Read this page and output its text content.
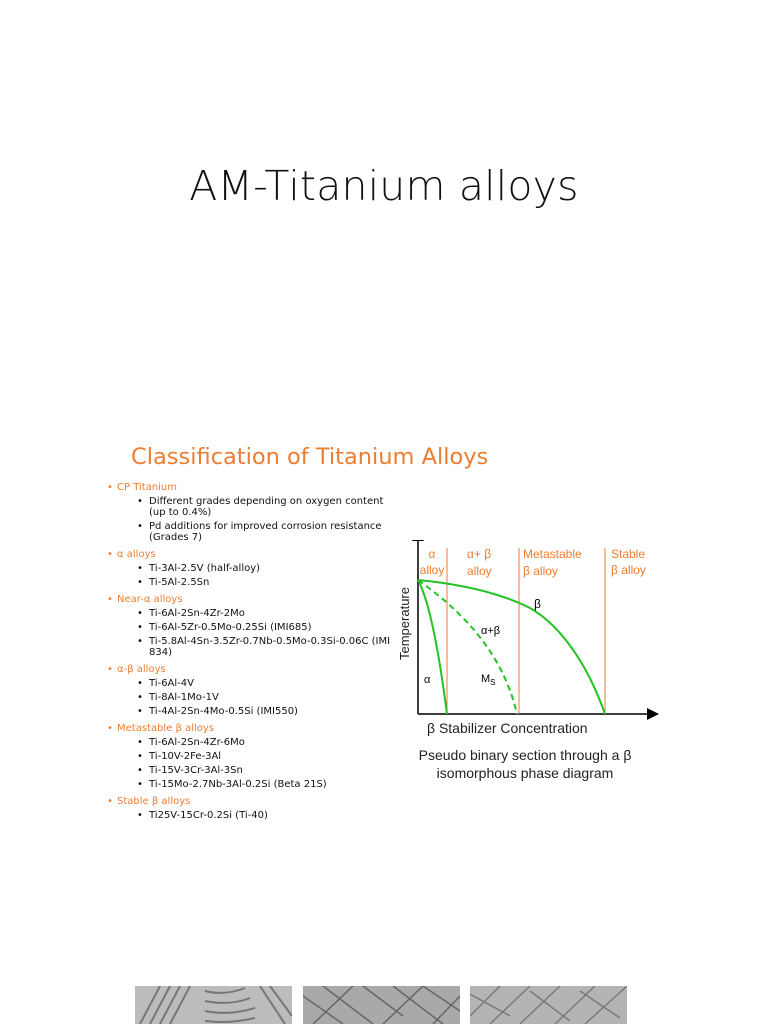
AM-Titanium alloys
Classification of Titanium Alloys
• CP Titanium
• Different grades depending on oxygen content (up to 0.4%)
• Pd additions for improved corrosion resistance (Grades 7)
• α alloys
• Ti-3Al-2.5V (half-alloy)
• Ti-5Al-2.5Sn
• Near-α alloys
• Ti-6Al-2Sn-4Zr-2Mo
• Ti-6Al-5Zr-0.5Mo-0.25Si (IMI685)
• Ti-5.8Al-4Sn-3.5Zr-0.7Nb-0.5Mo-0.3Si-0.06C (IMI 834)
• α-β alloys
• Ti-6Al-4V
• Ti-8Al-1Mo-1V
• Ti-4Al-2Sn-4Mo-0.5Si (IMI550)
• Metastable β alloys
• Ti-6Al-2Sn-4Zr-6Mo
• Ti-10V-2Fe-3Al
• Ti-15V-3Cr-3Al-3Sn
• Ti-15Mo-2.7Nb-3Al-0.2Si (Beta 21S)
• Stable β alloys
• Ti25V-15Cr-0.2Si (Ti-40)
α
alloy
α+ β
alloy
Metastable
β alloy
Stable
β alloy
β
α+β
α	$M_S$
β Stabilizer Concentration
Temperature
Pseudo binary section through a β
isomorphous phase diagram
